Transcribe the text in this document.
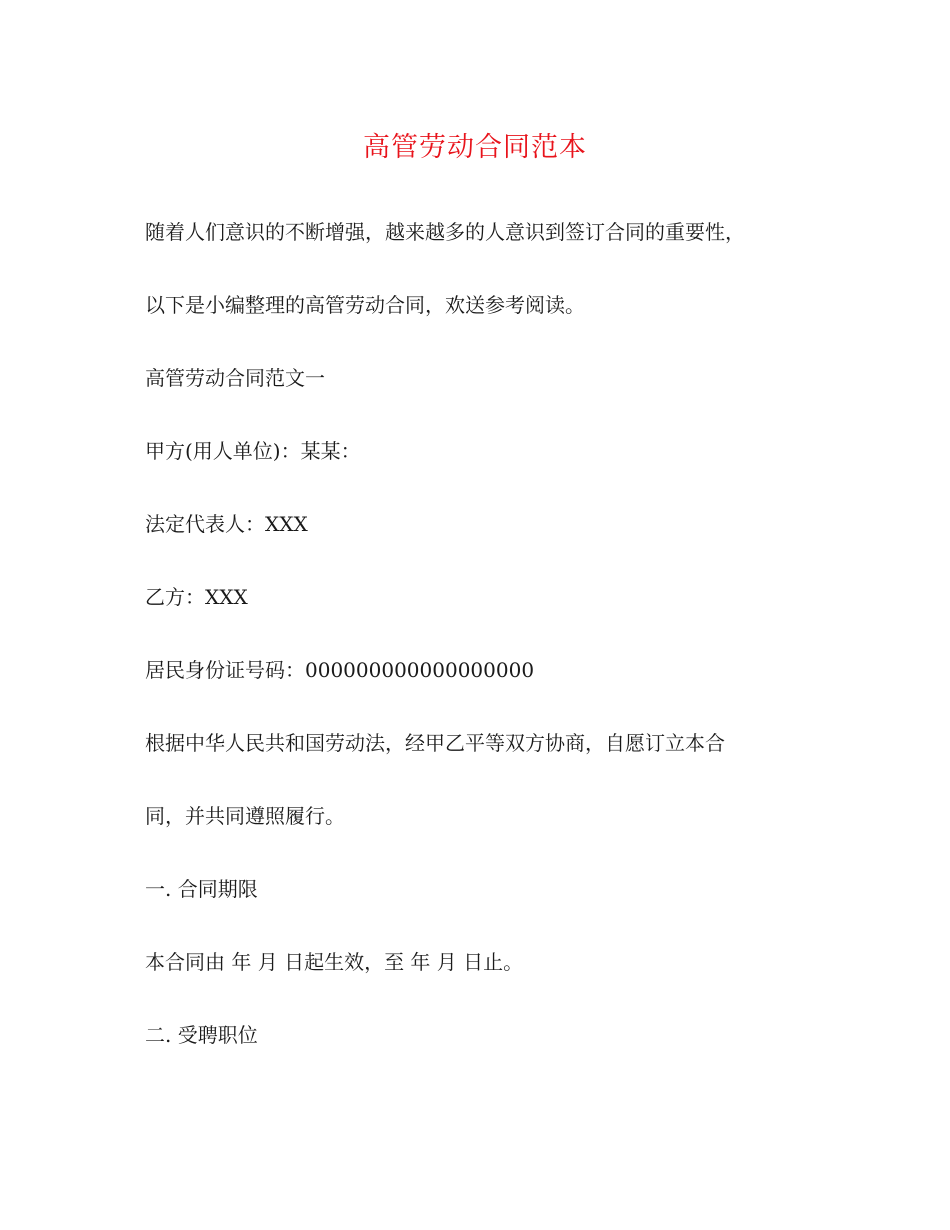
高管劳动合同范本
随着人们意识的不断增强，越来越多的人意识到签订合同的重要性，
以下是小编整理的高管劳动合同，欢送参考阅读。
高管劳动合同范文一
甲方(用人单位)：某某：
法定代表人：XXX
乙方：XXX
居民身份证号码：000000000000000000
根据中华人民共和国劳动法，经甲乙平等双方协商，自愿订立本合
同，并共同遵照履行。
一. 合同期限
本合同由 年 月 日起生效，至 年 月 日止。
二. 受聘职位
